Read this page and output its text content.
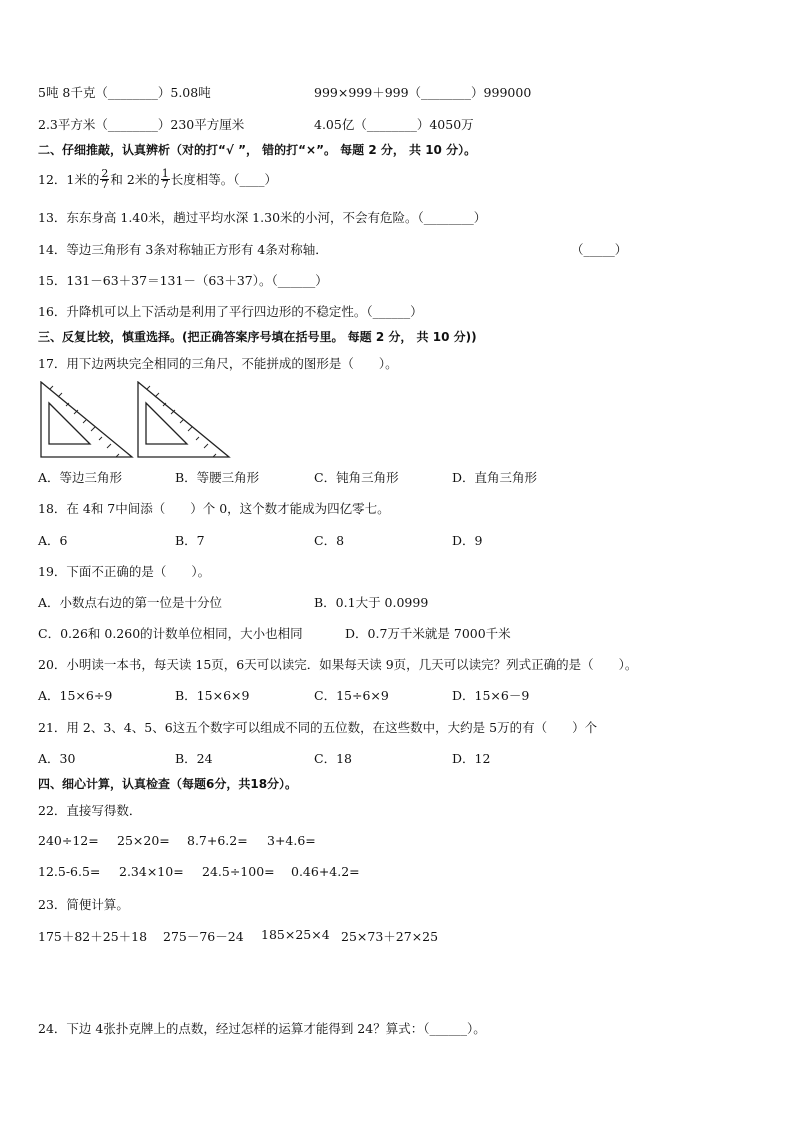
5吨 8千克（________）5.08吨	999×999＋999（________）999000
2.3平方米（________）230平方厘米	4.05亿（________）4050万
二、仔细推敲，认真辨析（对的打“√ ”， 错的打“×”。 每题 2 分， 共 10 分）。
12．1米的 $\frac{2}{7}$ 和 2米的 $\frac{1}{7}$ 长度相等。（____）
13．东东身高 1.40米，趟过平均水深 1.30米的小河，不会有危险。（________）
14．等边三角形有 3条对称轴正方形有 4条对称轴．	（_____）
15．131－63＋37＝131－（63＋37）。（______）
16．升降机可以上下活动是利用了平行四边形的不稳定性。（______）
三、反复比较，慎重选择。(把正确答案序号填在括号里。 每题 2 分， 共 10 分))
17．用下边两块完全相同的三角尺，不能拼成的图形是（　　）。
A．等边三角形	B．等腰三角形	C．钝角三角形	D．直角三角形
18．在 4和 7中间添（　　）个 0，这个数才能成为四亿零七。
A．6	B．7	C．8	D．9
19．下面不正确的是（　　）。
A．小数点右边的第一位是十分位	B．0.1大于 0.0999
C．0.26和 0.260的计数单位相同，大小也相同	D．0.7万千米就是 7000千米
20．小明读一本书，每天读 15页，6天可以读完．如果每天读 9页，几天可以读完？列式正确的是（　　）。
A．15×6÷9	B．15×6×9	C．15÷6×9	D．15×6－9
21．用 2、3、4、5、6这五个数字可以组成不同的五位数，在这些数中，大约是 5万的有（　　）个
A．30	B．24	C．18	D．12
四、细心计算，认真检查（每题6分，共18分）。
22．直接写得数．
240÷12= 25×20= 8.7+6.2= 3+4.6=
12.5-6.5= 2.34×10= 24.5÷100= 0.46+4.2=
23．简便计算。
175＋82＋25＋18 275－76－24 185×25×4 25×73＋27×25
24．下边 4张扑克牌上的点数，经过怎样的运算才能得到 24？算式：（______）。
